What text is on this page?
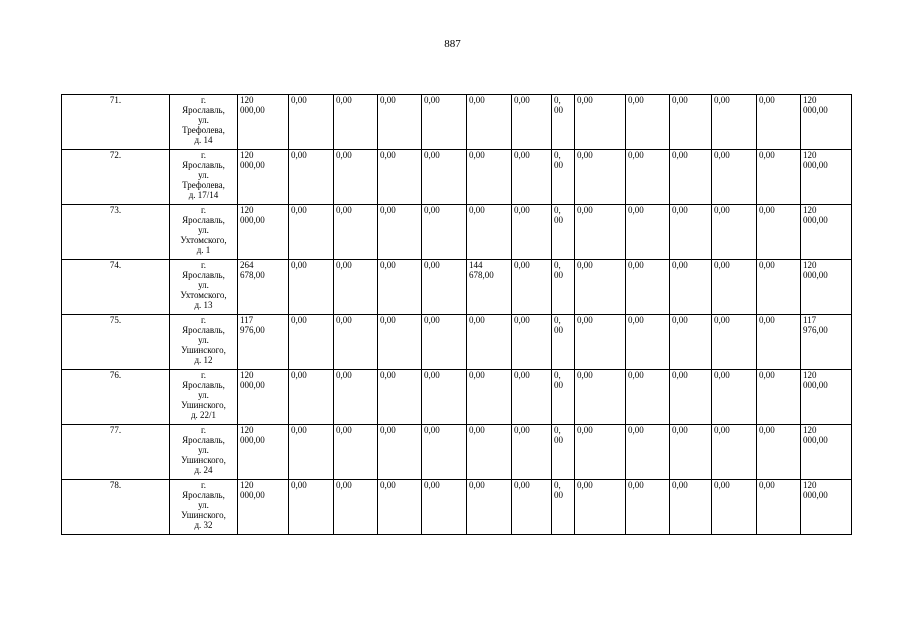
887
71.	г.
Ярославль,
ул.
Трефолева,
д. 14	120
000,00	0,00	0,00	0,00	0,00	0,00	0,00	0,
00	0,00	0,00	0,00	0,00	0,00	120
000,00

72.	г.
Ярославль,
ул.
Трефолева,
д. 17/14	120
000,00	0,00	0,00	0,00	0,00	0,00	0,00	0,
00	0,00	0,00	0,00	0,00	0,00	120
000,00

73.	г.
Ярославль,
ул.
Ухтомского,
д. 1	120
000,00	0,00	0,00	0,00	0,00	0,00	0,00	0,
00	0,00	0,00	0,00	0,00	0,00	120
000,00

74.	г.
Ярославль,
ул.
Ухтомского,
д. 13	264
678,00	0,00	0,00	0,00	0,00	144
678,00	0,00	0,
00	0,00	0,00	0,00	0,00	0,00	120
000,00

75.	г.
Ярославль,
ул.
Ушинского,
д. 12	117
976,00	0,00	0,00	0,00	0,00	0,00	0,00	0,
00	0,00	0,00	0,00	0,00	0,00	117
976,00

76.	г.
Ярославль,
ул.
Ушинского,
д. 22/1	120
000,00	0,00	0,00	0,00	0,00	0,00	0,00	0,
00	0,00	0,00	0,00	0,00	0,00	120
000,00

77.	г.
Ярославль,
ул.
Ушинского,
д. 24	120
000,00	0,00	0,00	0,00	0,00	0,00	0,00	0,
00	0,00	0,00	0,00	0,00	0,00	120
000,00

78.	г.
Ярославль,
ул.
Ушинского,
д. 32	120
000,00	0,00	0,00	0,00	0,00	0,00	0,00	0,
00	0,00	0,00	0,00	0,00	0,00	120
000,00
